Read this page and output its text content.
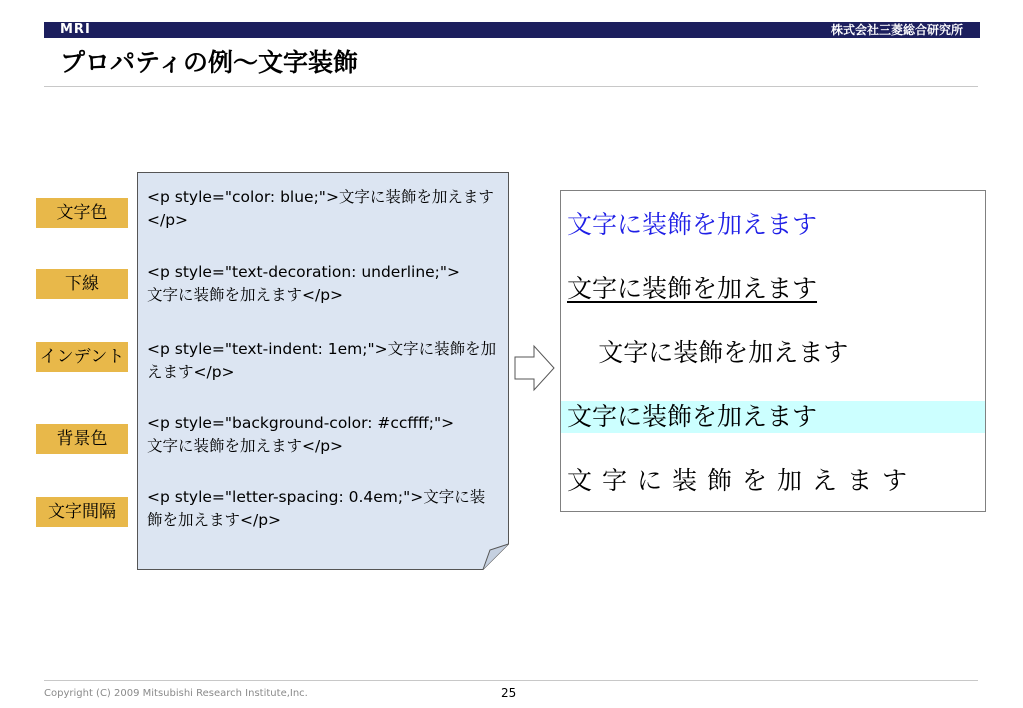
MRI	株式会社三菱総合研究所
プロパティの例～文字装飾
文字色
下線
インデント
背景色
文字間隔
<p style="color: blue;">文字に装飾を加えます</p>
<p style="text-decoration: underline;">
文字に装飾を加えます</p>
<p style="text-indent: 1em;">文字に装飾を加えます</p>
<p style="background-color: #ccffff;">
文字に装飾を加えます</p>
<p style="letter-spacing: 0.4em;">文字に装飾を加えます</p>
文字に装飾を加えます
文字に装飾を加えます
文字に装飾を加えます
文字に装飾を加えます
文字に装飾を加えます
Copyright (C) 2009 Mitsubishi Research Institute,Inc.	25
